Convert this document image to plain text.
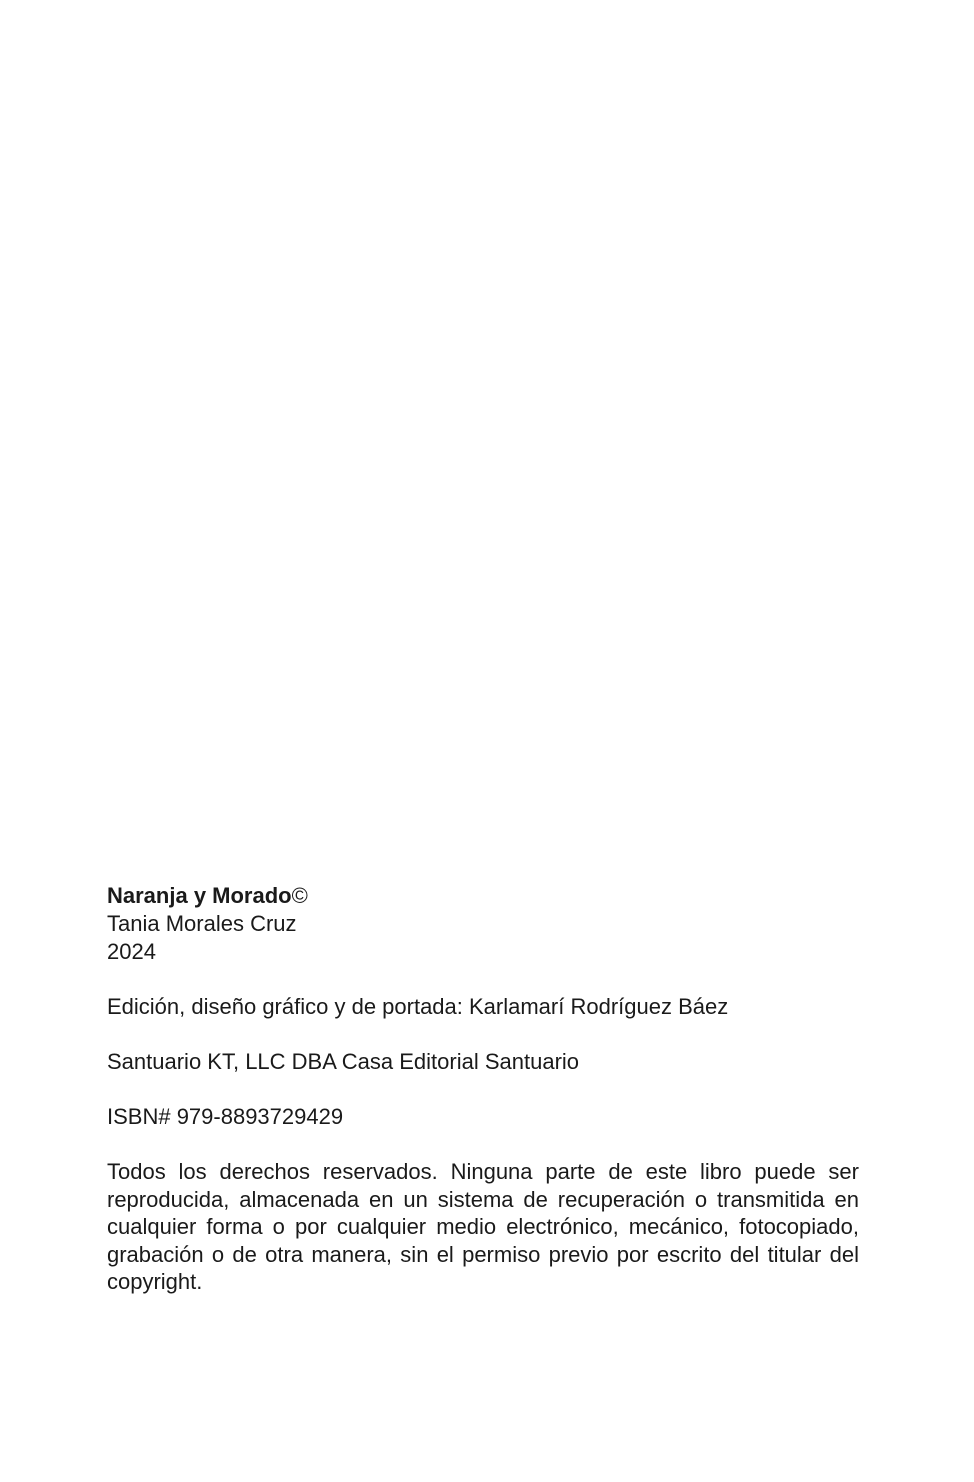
Naranja y Morado©

Tania Morales Cruz

2024

Edición, diseño gráfico y de portada: Karlamarí Rodríguez Báez

Santuario KT, LLC DBA Casa Editorial Santuario

ISBN# 979-8893729429

Todos los derechos reservados. Ninguna parte de este libro puede ser reproducida, almacenada en un sistema de recuperación o transmitida en cualquier forma o por cualquier medio electrónico, mecánico, fotocopiado, grabación o de otra manera, sin el permiso previo por escrito del titular del copyright.
